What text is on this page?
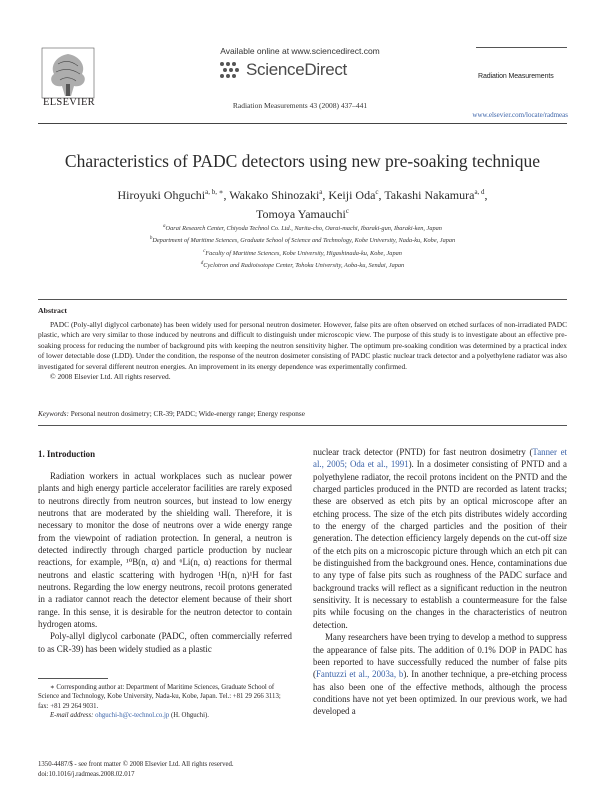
ELSEVIER
Available online at www.sciencedirect.com
ScienceDirect
Radiation Measurements 43 (2008) 437–441
Radiation Measurements
www.elsevier.com/locate/radmeas
Characteristics of PADC detectors using new pre-soaking technique
Hiroyuki Ohguchi$^{a, b, ∗}$, Wakako Shinozaki$^a$, Keiji Oda$^c$, Takashi Nakamura$^{a, d}$,
Tomoya Yamauchi$^c$
$^a$Oarai Research Center, Chiyoda Technol Co. Ltd., Narita-cho, Oarai-machi, Ibaraki-gun, Ibaraki-ken, Japan
$^b$Department of Maritime Sciences, Graduate School of Science and Technology, Kobe University, Nada-ku, Kobe, Japan
$^c$Faculty of Maritime Sciences, Kobe University, Higashinada-ku, Kobe, Japan
$^d$Cyclotron and Radioisotope Center, Tohoku University, Aoba-ku, Sendai, Japan
Abstract

PADC (Poly-allyl diglycol carbonate) has been widely used for personal neutron dosimeter. However, false pits are often observed on etched surfaces of non-irradiated PADC plastic, which are very similar to those induced by neutrons and difficult to distinguish under microscopic view. The purpose of this study is to investigate about an effective pre-soaking process for reducing the number of background pits with keeping the neutron sensitivity higher. The optimum pre-soaking condition was determined by a practical index of lower detectable dose (LDD). Under the condition, the response of the neutron dosimeter consisting of PADC plastic nuclear track detector and a polyethylene radiator was also investigated for several different neutron energies. An improvement in its energy dependence was experimentally confirmed.

© 2008 Elsevier Ltd. All rights reserved.

Keywords: Personal neutron dosimetry; CR-39; PADC; Wide-energy range; Energy response
1. Introduction

Radiation workers in actual workplaces such as nuclear power plants and high energy particle accelerator facilities are rarely exposed to neutrons directly from neutron sources, but instead to low energy neutrons that are moderated by the shielding wall. Therefore, it is necessary to monitor the dose of neutrons over a wide energy range from the viewpoint of radiation protection. In general, a neutron is detected indirectly through charged particle production by nuclear reactions, for example, ¹⁰B(n, α) and ⁶Li(n, α) reactions for thermal neutrons and elastic scattering with hydrogen ¹H(n, n)¹H for fast neutrons. Regarding the low energy neutrons, recoil protons generated in a radiator cannot reach the detector element because of their short range. In this sense, it is desirable for the neutron detector to contain hydrogen atoms.

Poly-allyl diglycol carbonate (PADC, often commercially referred to as CR-39) has been widely studied as a plastic

nuclear track detector (PNTD) for fast neutron dosimetry (Tanner et al., 2005; Oda et al., 1991). In a dosimeter consisting of PNTD and a polyethylene radiator, the recoil protons incident on the PNTD and the charged particles produced in the PNTD are recorded as latent tracks; these are observed as etch pits by an optical microscope after an etching process. The size of the etch pits distributes widely according to the energy of the charged particles and the position of their generation. The detection efficiency largely depends on the cut-off size of the etch pits on a microscopic picture through which an etch pit can be distinguished from the background ones. Hence, contaminations due to any type of false pits such as roughness of the PADC surface and background tracks will reflect as a significant reduction in the neutron sensitivity. It is necessary to establish a countermeasure for the false pits while focusing on the changes in the characteristics of neutron detection.

Many researchers have been trying to develop a method to suppress the appearance of false pits. The addition of 0.1% DOP in PADC has been reported to have successfully reduced the number of false pits (Fantuzzi et al., 2003a, b). In another technique, a pre-etching process has also been one of the effective methods, although the process conditions have not yet been optimized. In our previous work, we had developed a

∗ Corresponding author at: Department of Maritime Sciences, Graduate School of Science and Technology, Kobe University, Nada-ku, Kobe, Japan. Tel.: +81 29 266 3113; fax: +81 29 264 9031.

E-mail address: ohguchi-h@c-technol.co.jp (H. Ohguchi).

1350-4487/$ - see front matter © 2008 Elsevier Ltd. All rights reserved.
doi:10.1016/j.radmeas.2008.02.017
